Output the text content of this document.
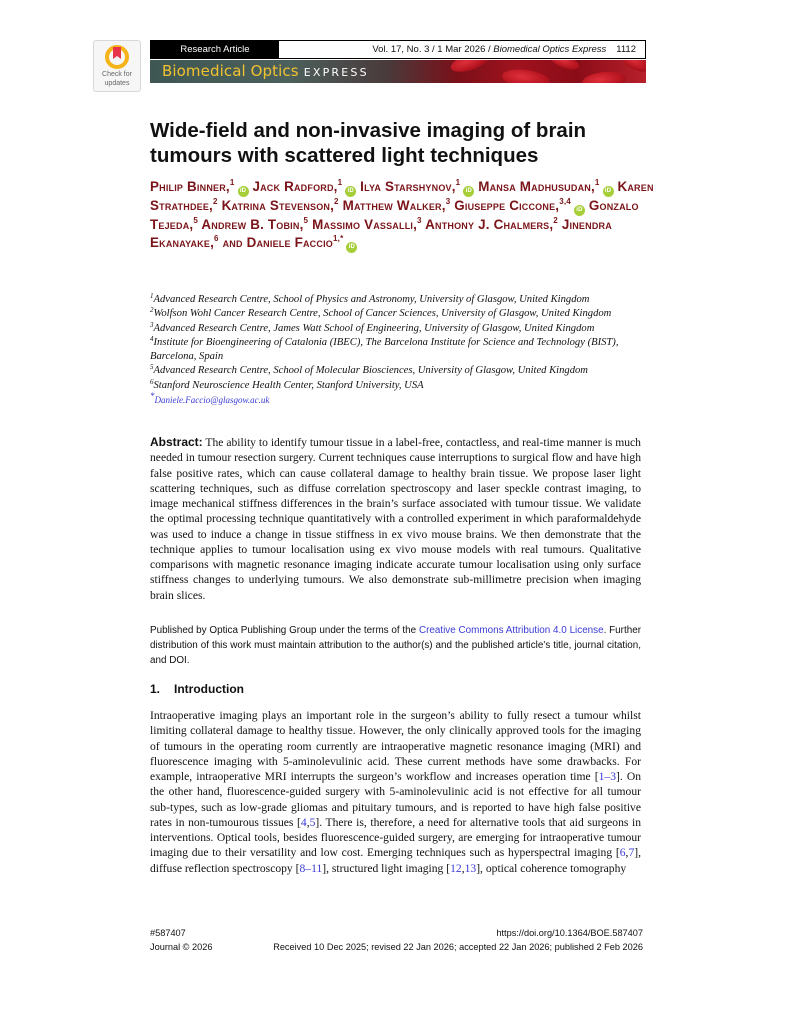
Check for
updates
Research Article	Vol. 17, No. 3 / 1 Mar 2026 / Biomedical Optics Express 1112
Biomedical Optics EXPRESS
Wide-field and non-invasive imaging of brain tumours with scattered light techniques
Philip Binner,$^1$iD Jack Radford,$^1$iD Ilya Starshynov,$^1$iD Mansa Madhusudan,$^1$iD Karen Strathdee,$^2$ Katrina Stevenson,$^2$ Matthew Walker,$^3$ Giuseppe Ciccone,$^{3,4}$iD Gonzalo Tejeda,$^5$ Andrew B. Tobin,$^5$ Massimo Vassalli,$^3$ Anthony J. Chalmers,$^2$ Jinendra Ekanayake,$^6$ and Daniele Faccio$^{1,*}$iD
$^1$Advanced Research Centre, School of Physics and Astronomy, University of Glasgow, United Kingdom
$^2$Wolfson Wohl Cancer Research Centre, School of Cancer Sciences, University of Glasgow, United Kingdom
$^3$Advanced Research Centre, James Watt School of Engineering, University of Glasgow, United Kingdom
$^4$Institute for Bioengineering of Catalonia (IBEC), The Barcelona Institute for Science and Technology (BIST), Barcelona, Spain
$^5$Advanced Research Centre, School of Molecular Biosciences, University of Glasgow, United Kingdom
$^6$Stanford Neuroscience Health Center, Stanford University, USA
*Daniele.Faccio@glasgow.ac.uk
Abstract: The ability to identify tumour tissue in a label-free, contactless, and real-time manner is much needed in tumour resection surgery. Current techniques cause interruptions to surgical flow and have high false positive rates, which can cause collateral damage to healthy brain tissue. We propose laser light scattering techniques, such as diffuse correlation spectroscopy and laser speckle contrast imaging, to image mechanical stiffness differences in the brain’s surface associated with tumour tissue. We validate the optimal processing technique quantitatively with a controlled experiment in which paraformaldehyde was used to induce a change in tissue stiffness in ex vivo mouse brains. We then demonstrate that the technique applies to tumour localisation using ex vivo mouse models with real tumours. Qualitative comparisons with magnetic resonance imaging indicate accurate tumour localisation using only surface stiffness changes to underlying tumours. We also demonstrate sub-millimetre precision when imaging brain slices.
Published by Optica Publishing Group under the terms of the Creative Commons Attribution 4.0 License. Further distribution of this work must maintain attribution to the author(s) and the published article’s title, journal citation, and DOI.
1. Introduction
Intraoperative imaging plays an important role in the surgeon’s ability to fully resect a tumour whilst limiting collateral damage to healthy tissue. However, the only clinically approved tools for the imaging of tumours in the operating room currently are intraoperative magnetic resonance imaging (MRI) and fluorescence imaging with 5-aminolevulinic acid. These current methods have some drawbacks. For example, intraoperative MRI interrupts the surgeon’s workflow and increases operation time [1–3]. On the other hand, fluorescence-guided surgery with 5-aminolevulinic acid is not effective for all tumour sub-types, such as low-grade gliomas and pituitary tumours, and is reported to have high false positive rates in non-tumourous tissues [4,5]. There is, therefore, a need for alternative tools that aid surgeons in interventions. Optical tools, besides fluorescence-guided surgery, are emerging for intraoperative tumour imaging due to their versatility and low cost. Emerging techniques such as hyperspectral imaging [6,7], diffuse reflection spectroscopy [8–11], structured light imaging [12,13], optical coherence tomography
#587407	https://doi.org/10.1364/BOE.587407
Journal © 2026	Received 10 Dec 2025; revised 22 Jan 2026; accepted 22 Jan 2026; published 2 Feb 2026
